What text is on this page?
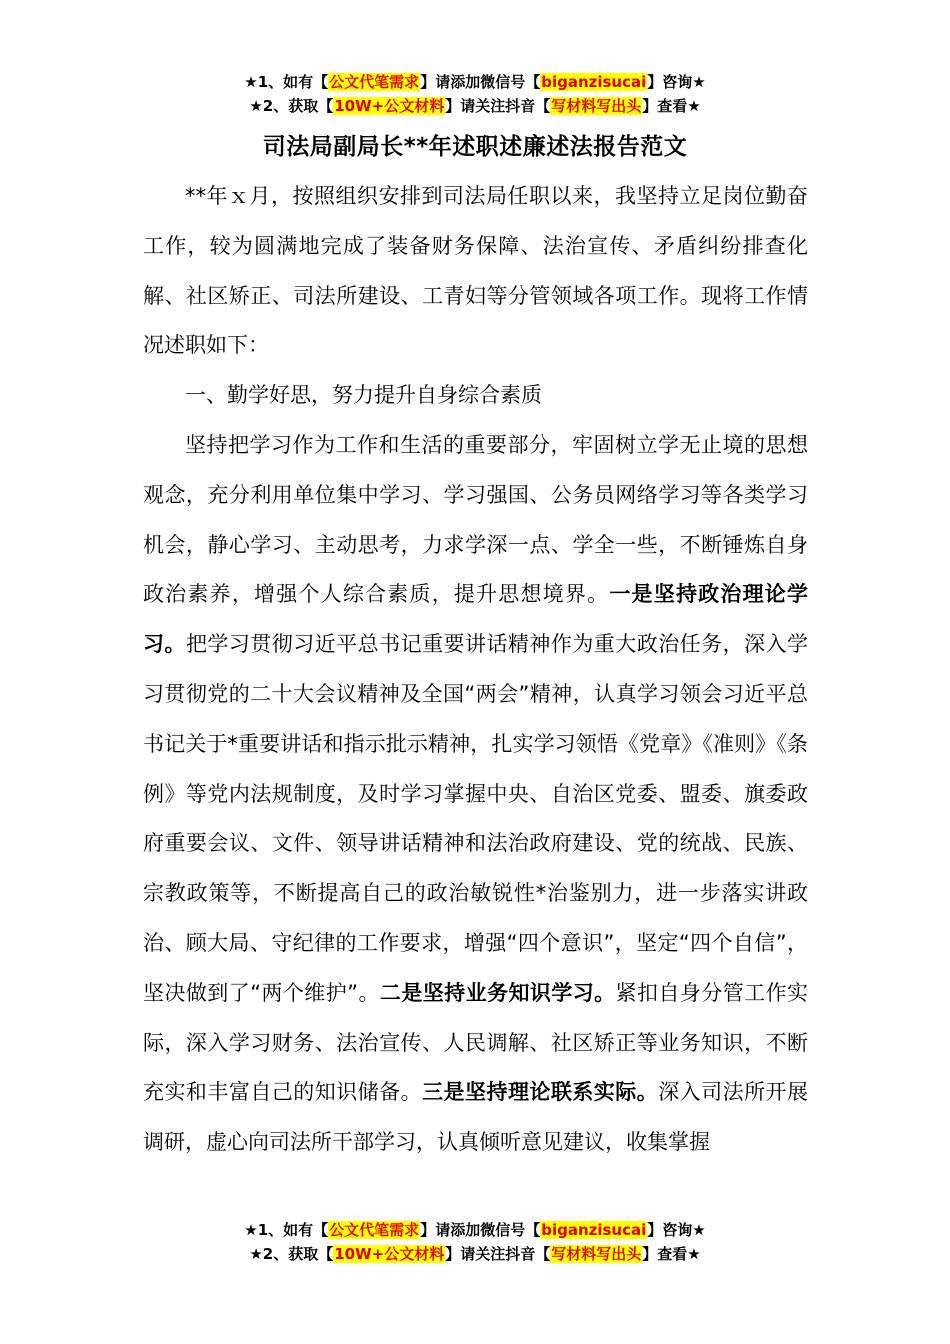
★1、如有【公文代笔需求】请添加微信号【biganzisucai】咨询★
★2、获取【10W+公文材料】请关注抖音【写材料写出头】查看★
司法局副局长**年述职述廉述法报告范文

**年ｘ月，按照组织安排到司法局任职以来，我坚持立足岗位勤奋工作，较为圆满地完成了装备财务保障、法治宣传、矛盾纠纷排查化解、社区矫正、司法所建设、工青妇等分管领域各项工作。现将工作情况述职如下：

一、勤学好思，努力提升自身综合素质

坚持把学习作为工作和生活的重要部分，牢固树立学无止境的思想观念，充分利用单位集中学习、学习强国、公务员网络学习等各类学习机会，静心学习、主动思考，力求学深一点、学全一些，不断锤炼自身政治素养，增强个人综合素质，提升思想境界。一是坚持政治理论学习。把学习贯彻习近平总书记重要讲话精神作为重大政治任务，深入学习贯彻党的二十大会议精神及全国“两会”精神，认真学习领会习近平总书记关于*重要讲话和指示批示精神，扎实学习领悟《党章》《准则》《条例》等党内法规制度，及时学习掌握中央、自治区党委、盟委、旗委政府重要会议、文件、领导讲话精神和法治政府建设、党的统战、民族、宗教政策等，不断提高自己的政治敏锐性*治鉴别力，进一步落实讲政治、顾大局、守纪律的工作要求，增强“四个意识”，坚定“四个自信”，坚决做到了“两个维护”。二是坚持业务知识学习。紧扣自身分管工作实际，深入学习财务、法治宣传、人民调解、社区矫正等业务知识，不断充实和丰富自己的知识储备。三是坚持理论联系实际。深入司法所开展调研，虚心向司法所干部学习，认真倾听意见建议，收集掌握

★1、如有【公文代笔需求】请添加微信号【biganzisucai】咨询★
★2、获取【10W+公文材料】请关注抖音【写材料写出头】查看★
